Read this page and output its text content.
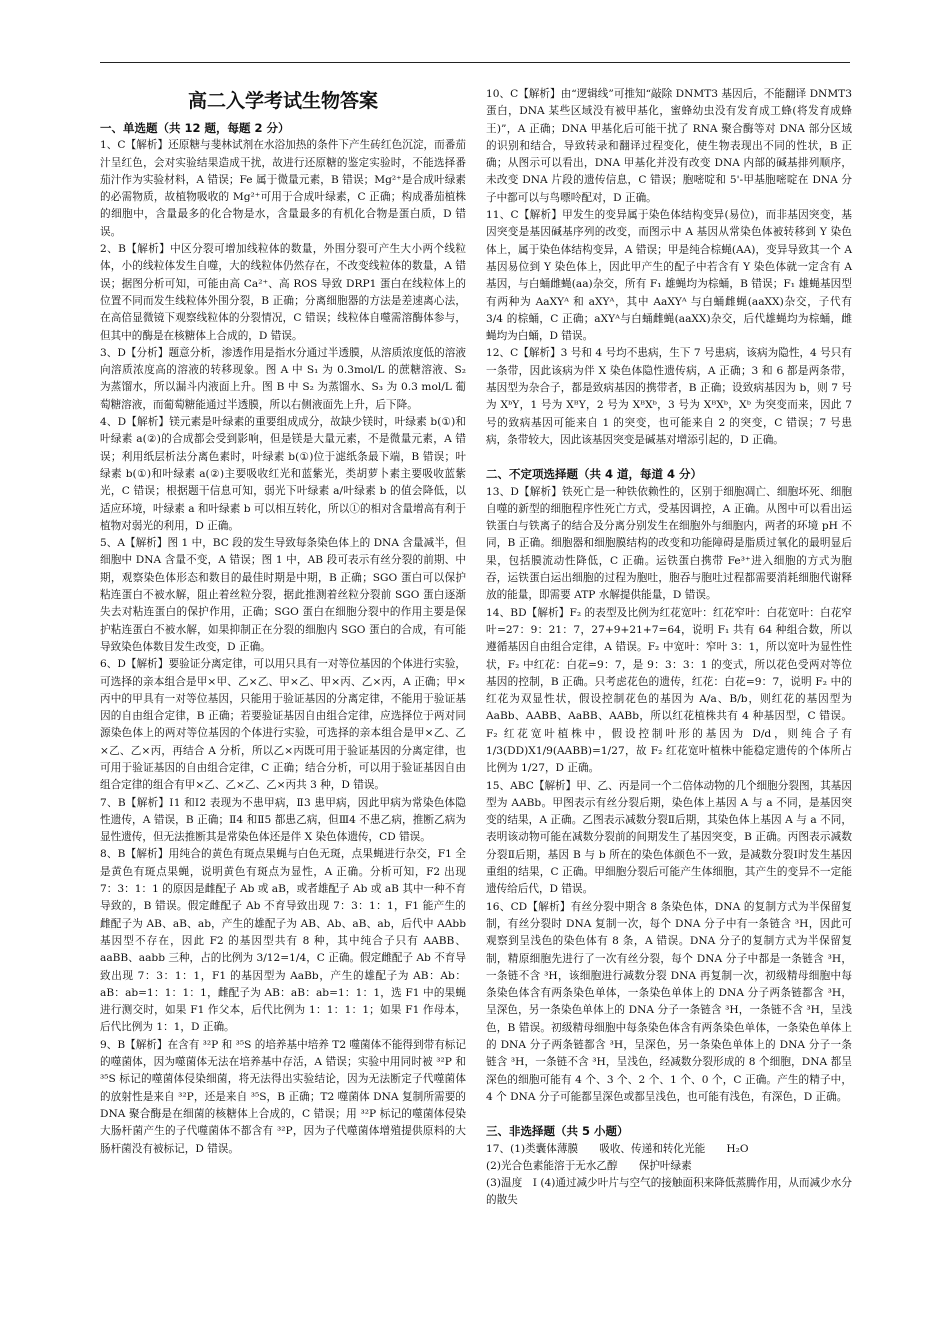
高二入学考试生物答案
一、单选题（共 12 题，每题 2 分）

1、C【解析】还原糖与斐林试剂在水浴加热的条件下产生砖红色沉淀，而番茄汁呈红色，会对实验结果造成干扰，故进行还原糖的鉴定实验时，不能选择番茄汁作为实验材料，A 错误；Fe 属于微量元素，B 错误；Mg²⁺是合成叶绿素的必需物质，故植物吸收的 Mg²⁺可用于合成叶绿素，C 正确；构成番茄植株的细胞中，含量最多的化合物是水，含量最多的有机化合物是蛋白质，D 错误。

2、B【解析】中区分裂可增加线粒体的数量，外围分裂可产生大小两个线粒体，小的线粒体发生自噬，大的线粒体仍然存在，不改变线粒体的数量，A 错误；据图分析可知，可能由高 Ca²⁺、高 ROS 导致 DRP1 蛋白在线粒体上的位置不同而发生线粒体外围分裂，B 正确；分离细胞器的方法是差速离心法，在高倍显微镜下观察线粒体的分裂情况，C 错误；线粒体自噬需溶酶体参与，但其中的酶是在核糖体上合成的，D 错误。

3、D【分析】题意分析，渗透作用是指水分通过半透膜，从溶质浓度低的溶液向溶质浓度高的溶液的转移现象。图 A 中 S₁ 为 0.3mol/L 的蔗糖溶液、S₂ 为蒸馏水，所以漏斗内液面上升。图 B 中 S₂ 为蒸馏水、S₃ 为 0.3 mol/L 葡萄糖溶液，而葡萄糖能通过半透膜，所以右侧液面先上升，后下降。

4、D【解析】镁元素是叶绿素的重要组成成分，故缺少镁时，叶绿素 b(①)和叶绿素 a(②)的合成都会受到影响，但是镁是大量元素，不是微量元素，A 错误；利用纸层析法分离色素时，叶绿素 b(①)位于滤纸条最下端，B 错误；叶绿素 b(①)和叶绿素 a(②)主要吸收红光和蓝紫光，类胡萝卜素主要吸收蓝紫光，C 错误；根据题干信息可知，弱光下叶绿素 a/叶绿素 b 的值会降低，以适应环境，叶绿素 a 和叶绿素 b 可以相互转化，所以①的相对含量增高有利于植物对弱光的利用，D 正确。

5、A【解析】图 1 中，BC 段的发生导致每条染色体上的 DNA 含量减半，但细胞中 DNA 含量不变，A 错误；图 1 中，AB 段可表示有丝分裂的前期、中期，观察染色体形态和数目的最佳时期是中期，B 正确；SGO 蛋白可以保护粘连蛋白不被水解，阻止着丝粒分裂，据此推测着丝粒分裂前 SGO 蛋白逐渐失去对粘连蛋白的保护作用，正确；SGO 蛋白在细胞分裂中的作用主要是保护粘连蛋白不被水解，如果抑制正在分裂的细胞内 SGO 蛋白的合成，有可能导致染色体数目发生改变，D 正确。

6、D【解析】要验证分离定律，可以用只具有一对等位基因的个体进行实验，可选择的亲本组合是甲×甲、乙×乙、甲×乙、甲×丙、乙×丙，A 正确；甲×丙中的甲具有一对等位基因，只能用于验证基因的分离定律，不能用于验证基因的自由组合定律，B 正确；若要验证基因自由组合定律，应选择位于两对同源染色体上的两对等位基因的个体进行实验，可选择的亲本组合是甲×乙、乙×乙、乙×丙，再结合 A 分析，所以乙×丙既可用于验证基因的分离定律，也可用于验证基因的自由组合定律，C 正确；结合分析，可以用于验证基因自由组合定律的组合有甲×乙、乙×乙、乙×丙共 3 种，D 错误。

7、B【解析】Ⅰ1 和Ⅰ2 表现为不患甲病，Ⅱ3 患甲病，因此甲病为常染色体隐性遗传，A 错误，B 正确；Ⅱ4 和Ⅱ5 都患乙病，但Ⅲ4 不患乙病，推断乙病为显性遗传，但无法推断其是常染色体还是伴 X 染色体遗传，CD 错误。

8、B【解析】用纯合的黄色有斑点果蝇与白色无斑，点果蝇进行杂交，F1 全是黄色有斑点果蝇，说明黄色有斑点为显性，A 正确。分析可知，F2 出现 7：3：1：1 的原因是雌配子 Ab 或 aB，或者雄配子 Ab 或 aB 其中一种不育导致的，B 错误。假定雌配子 Ab 不育导致出现 7：3：1：1，F1 能产生的雌配子为 AB、aB、ab，产生的雄配子为 AB、Ab、aB、ab，后代中 AAbb 基因型不存在，因此 F2 的基因型共有 8 种，其中纯合子只有 AABB、aaBB、aabb 三种，占的比例为 3/12=1/4，C 正确。假定雌配子 Ab 不育导致出现 7：3：1：1，F1 的基因型为 AaBb，产生的雄配子为 AB：Ab：aB：ab=1：1：1：1，雌配子为 AB：aB：ab=1：1：1，选 F1 中的果蝇进行测交时，如果 F1 作父本，后代比例为 1：1：1：1；如果 F1 作母本，后代比例为 1：1，D 正确。

9、B【解析】在含有 ³²P 和 ³⁵S 的培养基中培养 T2 噬菌体不能得到带有标记的噬菌体，因为噬菌体无法在培养基中存活，A 错误；实验中用同时被 ³²P 和 ³⁵S 标记的噬菌体侵染细菌，将无法得出实验结论，因为无法断定子代噬菌体的放射性是来自 ³²P，还是来自 ³⁵S，B 正确；T2 噬菌体 DNA 复制所需要的 DNA 聚合酶是在细菌的核糖体上合成的，C 错误；用 ³²P 标记的噬菌体侵染大肠杆菌产生的子代噬菌体不都含有 ³²P，因为子代噬菌体增殖提供原料的大肠杆菌没有被标记，D 错误。

10、C【解析】由“逻辑线”可推知“敲除 DNMT3 基因后，不能翻译 DNMT3 蛋白，DNA 某些区域没有被甲基化，蜜蜂幼虫没有发育成工蜂(将发育成蜂王)”，A 正确；DNA 甲基化后可能干扰了 RNA 聚合酶等对 DNA 部分区域的识别和结合，导致转录和翻译过程变化，使生物表现出不同的性状，B 正确；从图示可以看出，DNA 甲基化并没有改变 DNA 内部的碱基排列顺序，未改变 DNA 片段的遗传信息，C 错误；胞嘧啶和 5'-甲基胞嘧啶在 DNA 分子中都可以与鸟嘌呤配对，D 正确。

11、C【解析】甲发生的变异属于染色体结构变异(易位)，而非基因突变，基因突变是基因碱基序列的改变，而图示中 A 基因从常染色体被转移到 Y 染色体上，属于染色体结构变异，A 错误；甲是纯合棕蝇(AA)，变异导致其一个 A 基因易位到 Y 染色体上，因此甲产生的配子中若含有 Y 染色体就一定含有 A 基因，与白蛹雌蝇(aa)杂交，所有 F₁ 雄蝇均为棕蛹，B 错误；F₁ 雄蝇基因型有两种为 AaXYᴬ 和 aXYᴬ，其中 AaXYᴬ 与白蛹雌蝇(aaXX)杂交，子代有 3/4 的棕蛹，C 正确；aXYᴬ与白蛹雌蝇(aaXX)杂交，后代雄蝇均为棕蛹，雌蝇均为白蛹，D 错误。

12、C【解析】3 号和 4 号均不患病，生下 7 号患病，该病为隐性，4 号只有一条带，因此该病为伴 X 染色体隐性遗传病，A 正确；3 和 6 都是两条带，基因型为杂合子，都是致病基因的携带者，B 正确；设致病基因为 b，则 7 号为 XᵇY，1 号为 XᴮY，2 号为 XᴮXᵇ，3 号为 XᴮXᵇ，Xᵇ 为突变而来，因此 7 号的致病基因可能来自 1 的突变，也可能来自 2 的突变，C 错误；7 号患病，条带较大，因此该基因突变是碱基对增添引起的，D 正确。

二、不定项选择题（共 4 道，每道 4 分）

13、D【解析】铁死亡是一种铁依赖性的，区别于细胞凋亡、细胞坏死、细胞自噬的新型的细胞程序性死亡方式，受基因调控，A 正确。从图中可以看出运铁蛋白与铁离子的结合及分离分别发生在细胞外与细胞内，两者的环境 pH 不同，B 正确。细胞器和细胞膜结构的改变和功能障碍是脂质过氧化的最明显后果，包括膜流动性降低，C 正确。运铁蛋白携带 Fe³⁺进入细胞的方式为胞吞，运铁蛋白运出细胞的过程为胞吐，胞吞与胞吐过程都需要消耗细胞代谢释放的能量，即需要 ATP 水解提供能量，D 错误。

14、BD【解析】F₂ 的表型及比例为红花宽叶：红花窄叶：白花宽叶：白花窄叶=27：9：21：7，27+9+21+7=64，说明 F₁ 共有 64 种组合数，所以遵循基因自由组合定律，A 错误。F₂ 中宽叶：窄叶 3：1，所以宽叶为显性性状，F₂ 中红花：白花=9：7，是 9：3：3：1 的变式，所以花色受两对等位基因的控制，B 正确。只考虑花色的遗传，红花：白花=9：7，说明 F₂ 中的红花为双显性状，假设控制花色的基因为 A/a、B/b，则红花的基因型为 AaBb、AABB、AaBB、AABb，所以红花植株共有 4 种基因型，C 错误。F₂ 红花宽叶植株中，假设控制叶形的基因为 D/d，则纯合子有 1/3(DD)X1/9(AABB)=1/27，故 F₂ 红花宽叶植株中能稳定遗传的个体所占比例为 1/27，D 正确。

15、ABC【解析】甲、乙、丙是同一个二倍体动物的几个细胞分裂图，其基因型为 AABb。甲图表示有丝分裂后期，染色体上基因 A 与 a 不同，是基因突变的结果，A 正确。乙图表示减数分裂Ⅱ后期，其染色体上基因 A 与 a 不同，表明该动物可能在减数分裂前的间期发生了基因突变，B 正确。丙图表示减数分裂Ⅱ后期，基因 B 与 b 所在的染色体颜色不一致，是减数分裂Ⅰ时发生基因重组的结果，C 正确。甲细胞分裂后可能产生体细胞，其产生的变异不一定能遗传给后代，D 错误。

16、CD【解析】有丝分裂中期含 8 条染色体，DNA 的复制方式为半保留复制，有丝分裂时 DNA 复制一次，每个 DNA 分子中有一条链含 ³H，因此可观察到呈浅色的染色体有 8 条，A 错误。DNA 分子的复制方式为半保留复制，精原细胞先进行了一次有丝分裂，每个 DNA 分子中都是一条链含 ³H，一条链不含 ³H，该细胞进行减数分裂 DNA 再复制一次，初级精母细胞中每条染色体含有两条染色单体，一条染色单体上的 DNA 分子两条链都含 ³H，呈深色，另一条染色单体上的 DNA 分子一条链含 ³H，一条链不含 ³H，呈浅色，B 错误。初级精母细胞中每条染色体含有两条染色单体，一条染色单体上的 DNA 分子两条链都含 ³H，呈深色，另一条染色单体上的 DNA 分子一条链含 ³H，一条链不含 ³H，呈浅色，经减数分裂形成的 8 个细胞，DNA 都呈深色的细胞可能有 4 个、3 个、2 个、1 个、0 个，C 正确。产生的精子中，4 个 DNA 分子可能都呈深色或都呈浅色，也可能有浅色，有深色，D 正确。

三、非选择题（共 5 小题）

17、(1)类囊体薄膜　　吸收、传递和转化光能　　H₂O

(2)光合色素能溶于无水乙醇　　保护叶绿素

(3)温度　Ⅰ (4)通过减少叶片与空气的接触面积来降低蒸腾作用，从而减少水分的散失
